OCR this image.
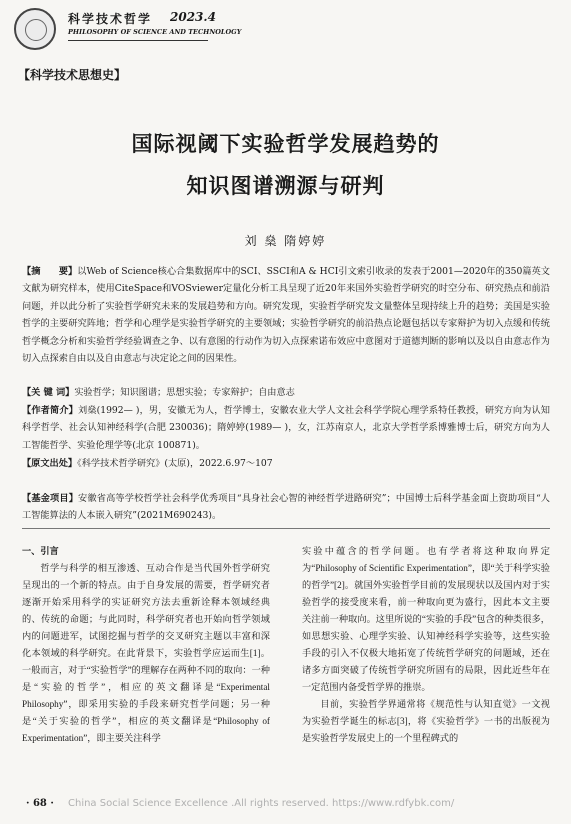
科学技术哲学 2023.4
PHILOSOPHY OF SCIENCE AND TECHNOLOGY
【科学技术思想史】
国际视阈下实验哲学发展趋势的
知识图谱溯源与研判
刘 燊 隋婷婷
【摘　　要】以Web of Science核心合集数据库中的SCI、SSCI和A & HCI引文索引收录的发表于2001—2020年的350篇英文文献为研究样本，使用CiteSpace和VOSviewer定量化分析工具呈现了近20年来国外实验哲学研究的时空分布、研究热点和前沿问题，并以此分析了实验哲学研究未来的发展趋势和方向。研究发现，实验哲学研究发文量整体呈现持续上升的趋势；美国是实验哲学的主要研究阵地；哲学和心理学是实验哲学研究的主要领域；实验哲学研究的前沿热点论题包括以专家辩护为切入点缓和传统哲学概念分析和实验哲学经验调查之争、以有意图的行动作为切入点探索诺布效应中意图对于道德判断的影响以及以自由意志作为切入点探索自由以及自由意志与决定论之间的因果性。
【关 键 词】实验哲学；知识图谱；思想实验；专家辩护；自由意志
【作者简介】刘燊(1992— )，男，安徽无为人，哲学博士，安徽农业大学人文社会科学学院心理学系特任教授，研究方向为认知科学哲学、社会认知神经科学(合肥 230036)；隋婷婷(1989— )，女，江苏南京人，北京大学哲学系博雅博士后，研究方向为人工智能哲学、实验伦理学等(北京 100871)。
【原文出处】《科学技术哲学研究》(太原)，2022.6.97～107
【基金项目】安徽省高等学校哲学社会科学优秀项目“具身社会心智的神经哲学进路研究”；中国博士后科学基金面上资助项目“人工智能算法的人本嵌入研究”(2021M690243)。

一、引言

哲学与科学的相互渗透、互动合作是当代国外哲学研究呈现出的一个新的特点。由于自身发展的需要，哲学研究者逐渐开始采用科学的实证研究方法去重新诠释本领域经典的、传统的命题；与此同时，科学研究者也开始向哲学领域内的问题进军，试图挖掘与哲学的交叉研究主题以丰富和深化本领域的科学研究。在此背景下，实验哲学应运而生[1]。一般而言，对于“实验哲学”的理解存在两种不同的取向：一种是“实验的哲学”，相应的英文翻译是“Experimental Philosophy”，即采用实验的手段来研究哲学问题；另一种是“关于实验的哲学”，相应的英文翻译是“Philosophy of Experimentation”，即主要关注科学

实验中蕴含的哲学问题。也有学者将这种取向界定为“Philosophy of Scientific Experimentation”，即“关于科学实验的哲学”[2]。就国外实验哲学目前的发展现状以及国内对于实验哲学的接受度来看，前一种取向更为盛行，因此本文主要关注前一种取向。这里所说的“实验的手段”包含的种类很多，如思想实验、心理学实验、认知神经科学实验等，这些实验手段的引入不仅极大地拓宽了传统哲学研究的问题域，还在诸多方面突破了传统哲学研究所固有的局限，因此近些年在一定范围内备受哲学界的推崇。

目前，实验哲学界通常将《规范性与认知直觉》一文视为实验哲学诞生的标志[3]，将《实验哲学》一书的出版视为是实验哲学发展史上的一个里程碑式的

· 68 · China Social Science Excellence .All rights reserved. https://www.rdfybk.com/
